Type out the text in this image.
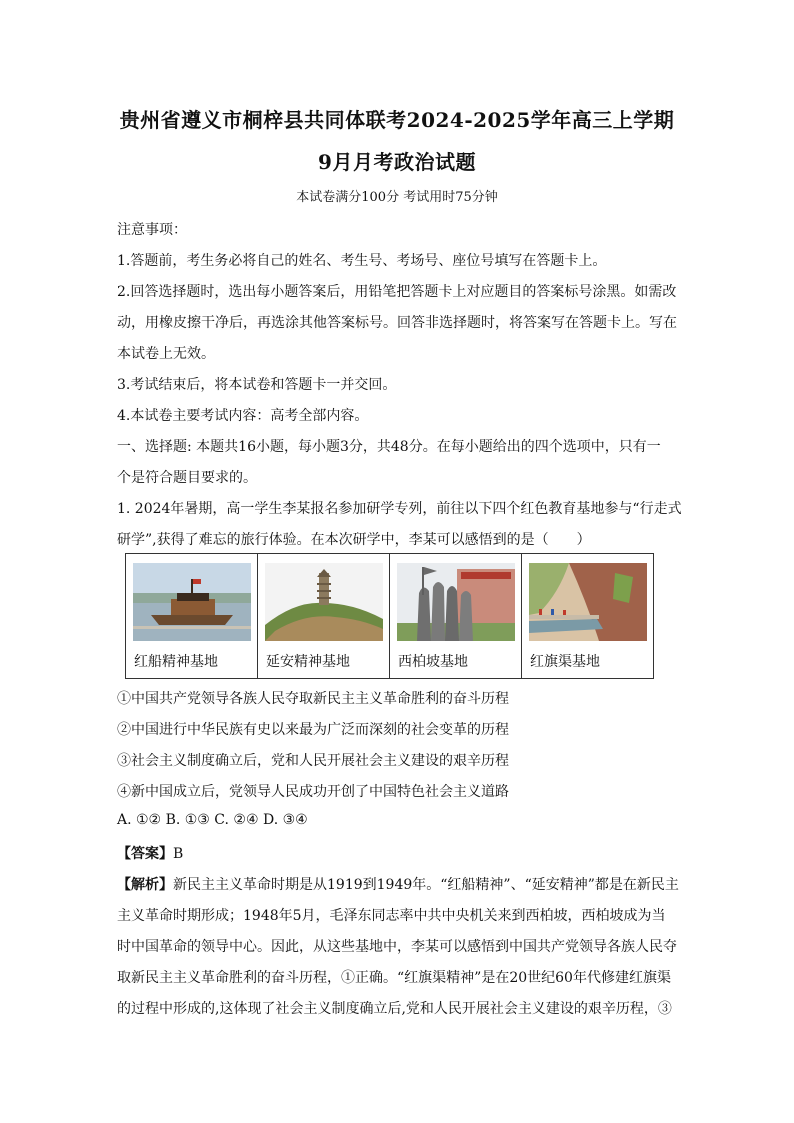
贵州省遵义市桐梓县共同体联考2024-2025学年高三上学期
9月月考政治试题
本试卷满分100分 考试用时75分钟
注意事项：
1.答题前，考生务必将自己的姓名、考生号、考场号、座位号填写在答题卡上。
2.回答选择题时，选出每小题答案后，用铅笔把答题卡上对应题目的答案标号涂黑。如需改
动，用橡皮擦干净后，再选涂其他答案标号。回答非选择题时，将答案写在答题卡上。写在
本试卷上无效。
3.考试结束后，将本试卷和答题卡一并交回。
4.本试卷主要考试内容：高考全部内容。
一、选择题: 本题共16小题，每小题3分，共48分。在每小题给出的四个选项中，只有一
个是符合题目要求的。
1. 2024年暑期，高一学生李某报名参加研学专列，前往以下四个红色教育基地参与“行走式
研学”,获得了难忘的旅行体验。在本次研学中，李某可以感悟到的是（　　）
红船精神基地	延安精神基地	西柏坡基地	红旗渠基地
①中国共产党领导各族人民夺取新民主主义革命胜利的奋斗历程
②中国进行中华民族有史以来最为广泛而深刻的社会变革的历程
③社会主义制度确立后，党和人民开展社会主义建设的艰辛历程
④新中国成立后，党领导人民成功开创了中国特色社会主义道路
A. ①② B. ①③ C. ②④ D. ③④
【答案】B
【解析】新民主主义革命时期是从1919到1949年。“红船精神”、“延安精神”都是在新民主
主义革命时期形成；1948年5月，毛泽东同志率中共中央机关来到西柏坡，西柏坡成为当
时中国革命的领导中心。因此，从这些基地中，李某可以感悟到中国共产党领导各族人民夺
取新民主主义革命胜利的奋斗历程，①正确。“红旗渠精神”是在20世纪60年代修建红旗渠
的过程中形成的,这体现了社会主义制度确立后,党和人民开展社会主义建设的艰辛历程，③
